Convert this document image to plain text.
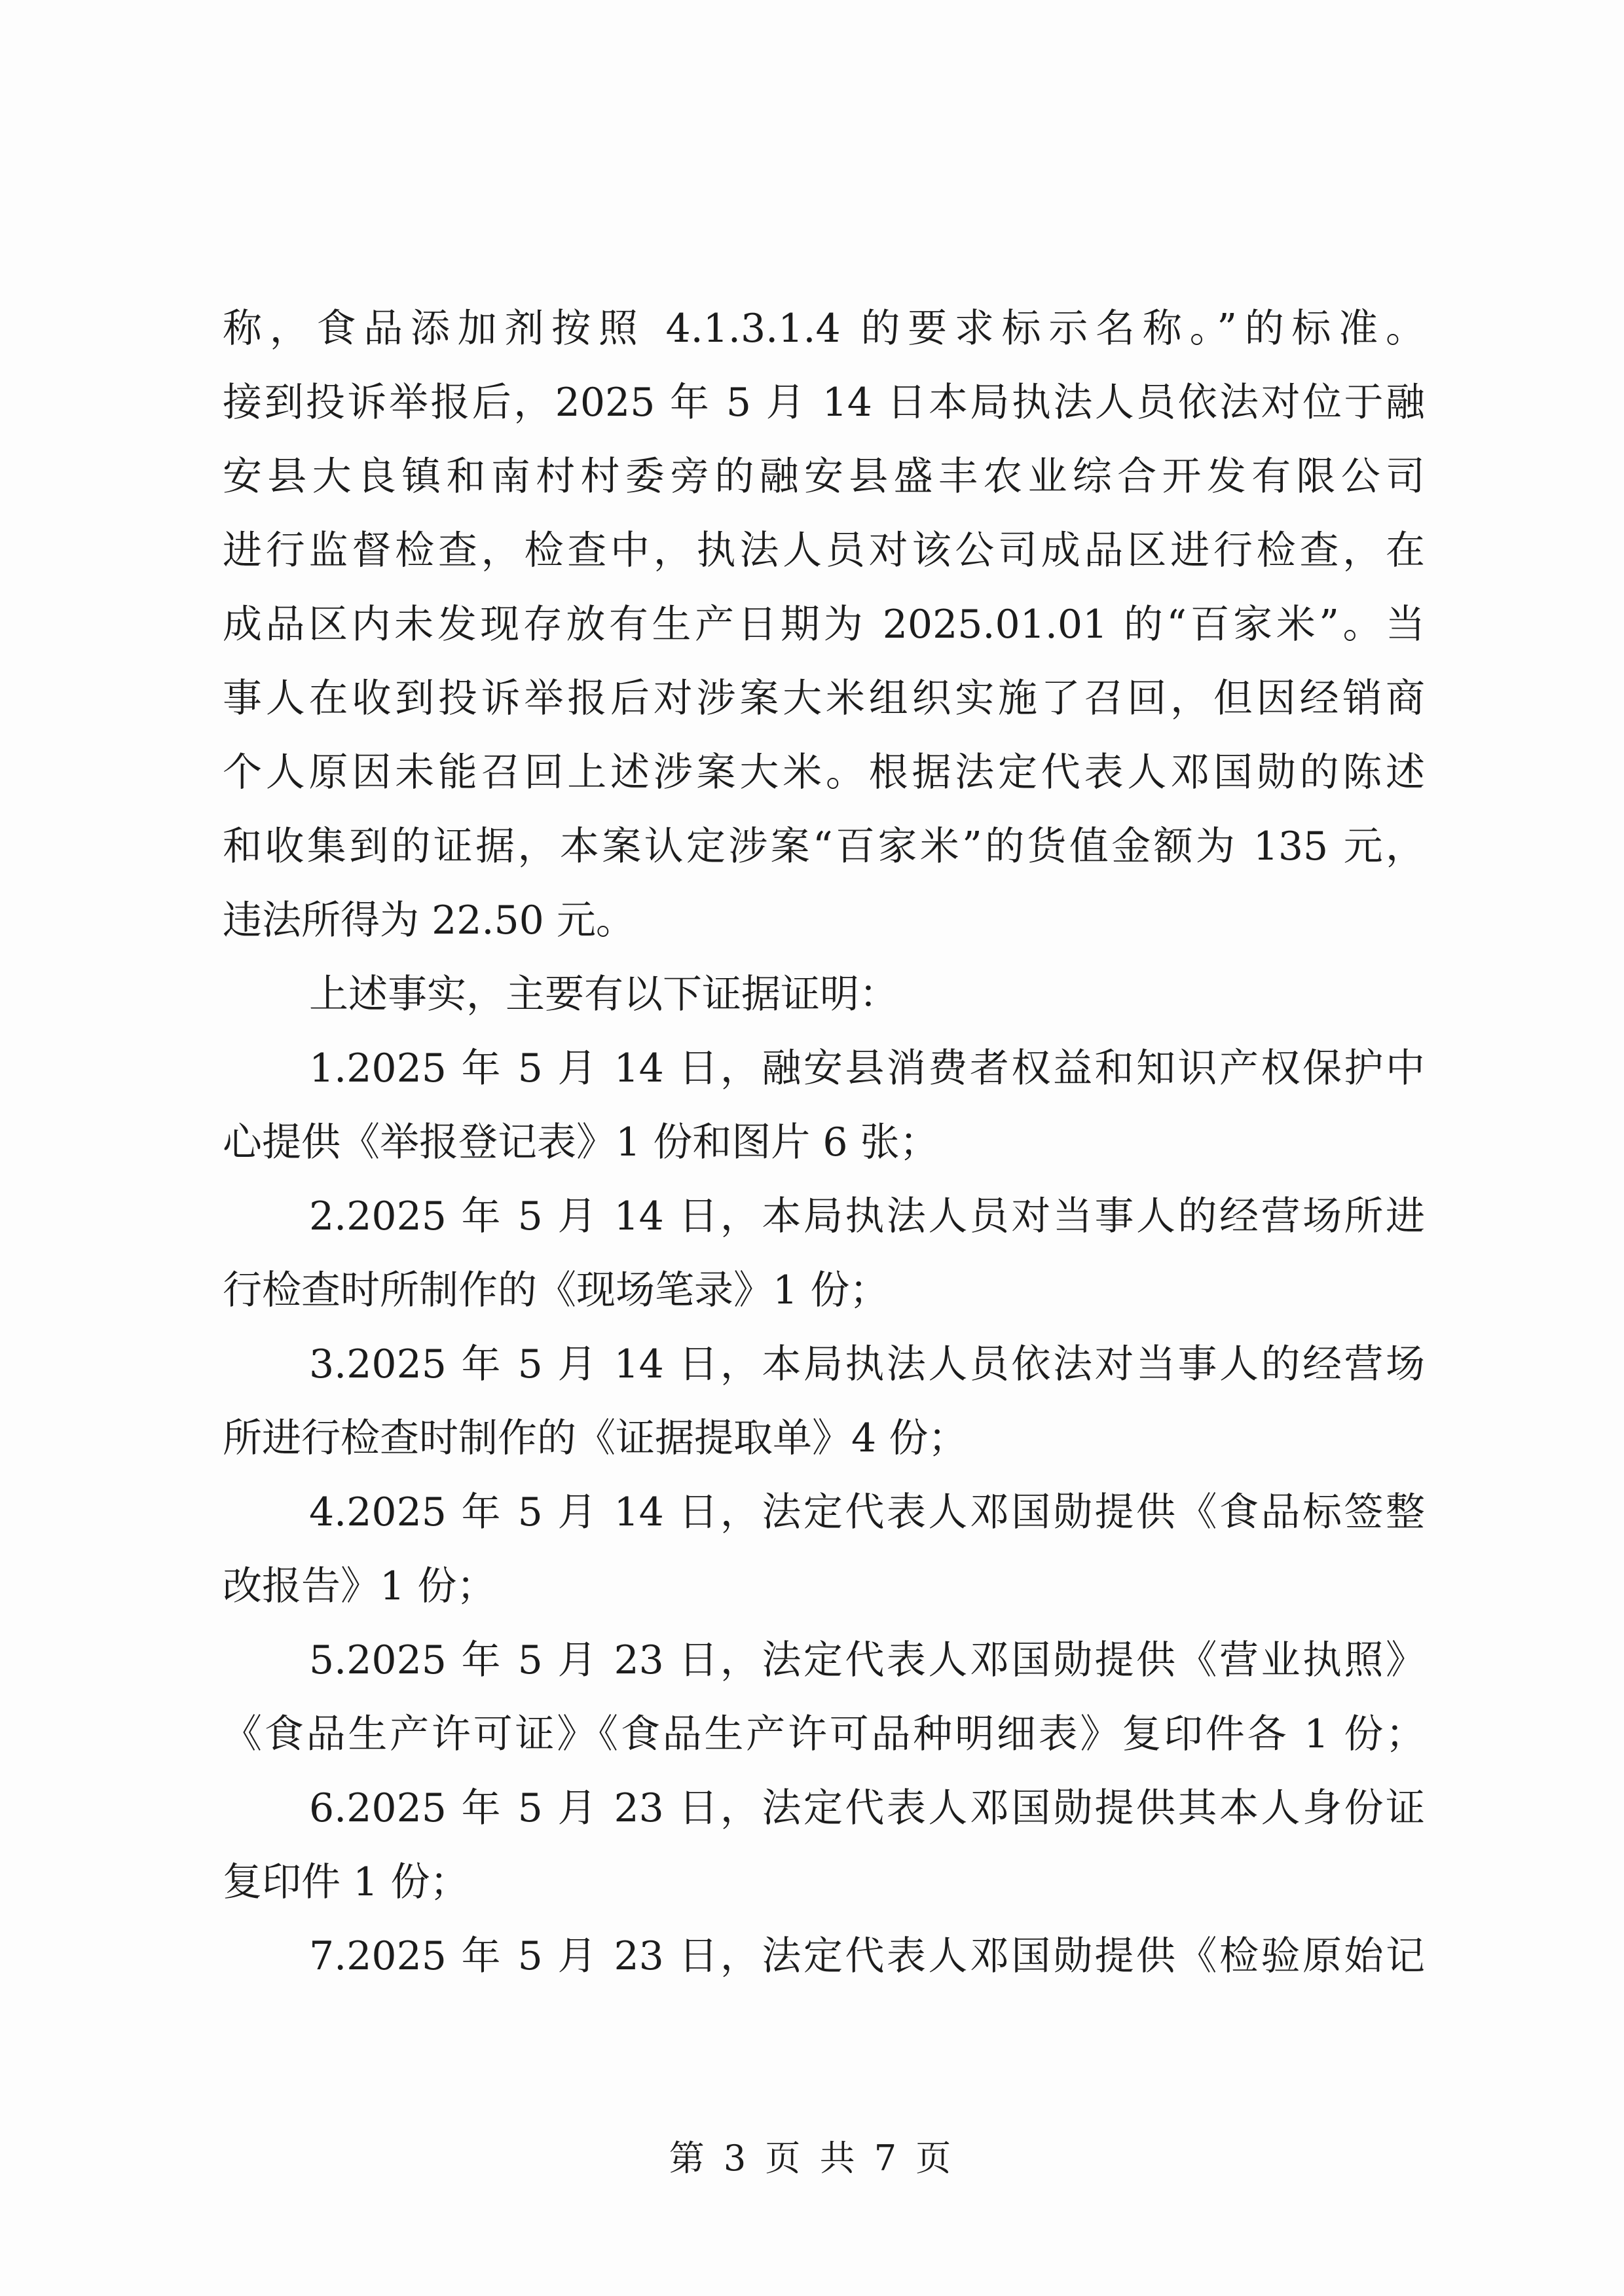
称，食品添加剂按照 4.1.3.1.4 的要求标示名称。”的标准。
接到投诉举报后，2025 年 5 月 14 日本局执法人员依法对位于融
安县大良镇和南村村委旁的融安县盛丰农业综合开发有限公司
进行监督检查，检查中，执法人员对该公司成品区进行检查，在
成品区内未发现存放有生产日期为 2025.01.01 的“百家米”。当
事人在收到投诉举报后对涉案大米组织实施了召回，但因经销商
个人原因未能召回上述涉案大米。根据法定代表人邓国勋的陈述
和收集到的证据，本案认定涉案“百家米”的货值金额为 135 元，
违法所得为 22.50 元。
上述事实，主要有以下证据证明：
1.2025 年 5 月 14 日，融安县消费者权益和知识产权保护中
心提供《举报登记表》1 份和图片 6 张；
2.2025 年 5 月 14 日，本局执法人员对当事人的经营场所进
行检查时所制作的《现场笔录》1 份；
3.2025 年 5 月 14 日，本局执法人员依法对当事人的经营场
所进行检查时制作的《证据提取单》4 份；
4.2025 年 5 月 14 日，法定代表人邓国勋提供《食品标签整
改报告》1 份；
5.2025 年 5 月 23 日，法定代表人邓国勋提供《营业执照》
《食品生产许可证》《食品生产许可品种明细表》复印件各 1 份；
6.2025 年 5 月 23 日，法定代表人邓国勋提供其本人身份证
复印件 1 份；
7.2025 年 5 月 23 日，法定代表人邓国勋提供《检验原始记
第 3 页 共 7 页
